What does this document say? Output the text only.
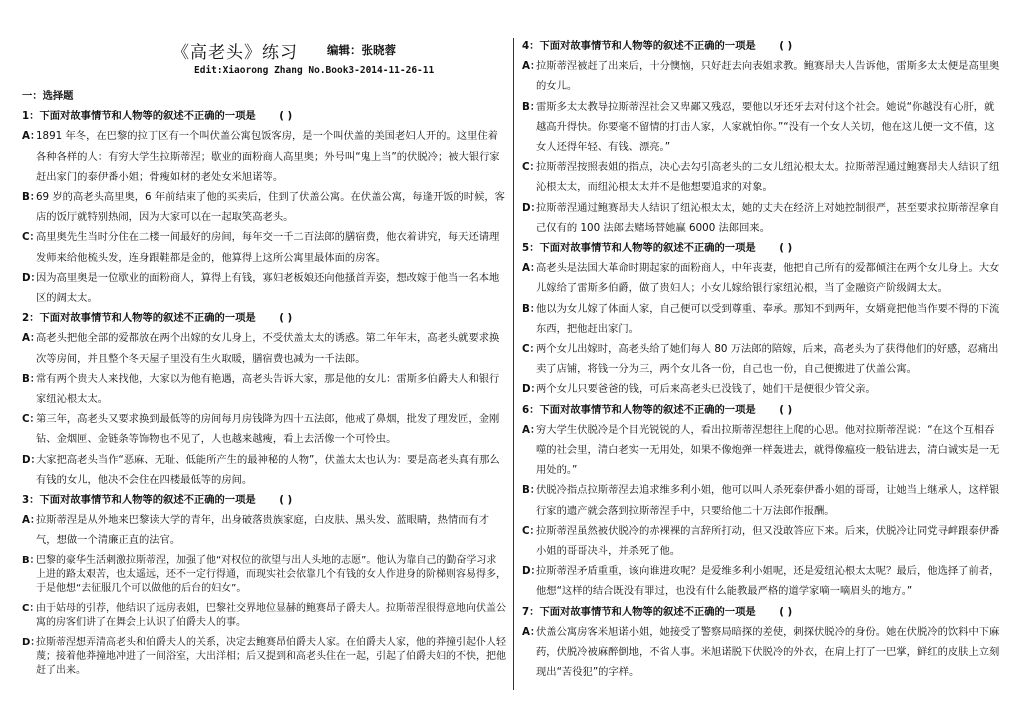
《高老头》练习	编辑：张晓蓉
Edit:Xiaorong Zhang No.Book3-2014-11-26-11
一：选择题
1：下面对故事情节和人物等的叙述不正确的一项是 ( )
A：1891 年冬，在巴黎的拉丁区有一个叫伏盖公寓包饭客房，是一个叫伏盖的美国老妇人开的。这里住着各种各样的人：有穷大学生拉斯蒂涅；歇业的面粉商人高里奥；外号叫“鬼上当”的伏脱冷；被大银行家赶出家门的泰伊番小姐；骨瘦如材的老处女米旭诺等。
B：69 岁的高老头高里奥，6 年前结束了他的买卖后，住到了伏盖公寓。在伏盖公寓，每逢开饭的时候，客店的饭厅就特别热闹，因为大家可以在一起取笑高老头。
C：高里奥先生当时分住在二楼一间最好的房间，每年交一千二百法郎的膳宿费，他衣着讲究，每天还请理发师来给他梳头发，连身跟鞋都是金的，他算得上这所公寓里最体面的房客。
D：因为高里奥是一位歇业的面粉商人，算得上有钱，寡妇老板娘还向他搔首弄姿，想改嫁于他当一名本地区的阔太太。
2：下面对故事情节和人物等的叙述不正确的一项是 ( )
A：高老头把他全部的爱都放在两个出嫁的女儿身上，不受伏盖太太的诱惑。第二年年末，高老头就要求换次等房间，并且整个冬天屋子里没有生火取暖，膳宿费也减为一千法郎。
B：常有两个贵夫人来找他，大家以为他有艳遇，高老头告诉大家，那是他的女儿：雷斯多伯爵夫人和银行家纽沁根太太。
C：第三年，高老头又要求换到最低等的房间每月房钱降为四十五法郎，他戒了鼻烟，批发了理发匠，金刚钻、金烟匣、金链条等饰物也不见了，人也越来越瘦，看上去活像一个可怜虫。
D：大家把高老头当作“恶麻、无耻、低能所产生的最神秘的人物”，伏盖太太也认为：要是高老头真有那么有钱的女儿，他决不会住在四楼最低等的房间。
3：下面对故事情节和人物等的叙述不正确的一项是 ( )
A：拉斯蒂涅是从外地来巴黎读大学的青年，出身破落贵族家庭，白皮肤、黑头发、蓝眼睛，热情而有才气，想做一个清廉正直的法官。
B：巴黎的豪华生活刺激拉斯蒂涅，加强了他“对权位的欲望与出人头地的志愿”。他认为靠自己的勤奋学习求上进的路太艰苦，也太遥远，还不一定行得通，而现实社会依靠几个有钱的女人作进身的阶梯则容易得多，于是他想“去征服几个可以做他的后台的妇女”。
C：由于姑母的引荐，他结识了远房表姐，巴黎社交界地位显赫的鲍赛昂子爵夫人。拉斯蒂涅很得意地向伏盖公寓的房客们讲了在舞会上认识了伯爵夫人的事。
D：拉斯蒂涅想弄清高老头和伯爵夫人的关系，决定去鲍赛昂伯爵夫人家。在伯爵夫人家，他的莽撞引起仆人轻蔑；接着他莽撞地冲进了一间浴室，大出洋相；后又提到和高老头住在一起，引起了伯爵夫妇的不快，把他赶了出来。
4：下面对故事情节和人物等的叙述不正确的一项是 ( )
A：拉斯蒂涅被赶了出来后，十分懊恼，只好赶去向表姐求教。鲍赛昂夫人告诉他，雷斯多太太便是高里奥的女儿。
B：雷斯多太太教导拉斯蒂涅社会又卑鄙又残忍，要他以牙还牙去对付这个社会。她说“你越没有心肝，就越高升得快。你要毫不留情的打击人家，人家就怕你。”“没有一个女人关切，他在这儿便一文不值，这女人还得年轻、有钱、漂亮。”
C：拉斯蒂涅按照表姐的指点，决心去勾引高老头的二女儿纽沁根太太。拉斯蒂涅通过鲍赛昂夫人结识了纽沁根太太，而纽沁根太太并不是他想要追求的对象。
D：拉斯蒂涅通过鲍赛昂夫人结识了纽沁根太太，她的丈夫在经济上对她控制很严，甚至要求拉斯蒂涅拿自己仅有的 100 法郎去赌场替她赢 6000 法郎回来。
5：下面对故事情节和人物等的叙述不正确的一项是 ( )
A：高老头是法国大革命时期起家的面粉商人，中年丧妻，他把自己所有的爱都倾注在两个女儿身上。大女儿嫁给了雷斯多伯爵，做了贵妇人；小女儿嫁给银行家纽沁根，当了金融资产阶级阔太太。
B：他以为女儿嫁了体面人家，自己便可以受到尊重、奉承。那知不到两年，女婿竟把他当作要不得的下流东西，把他赶出家门。
C：两个女儿出嫁时，高老头给了她们每人 80 万法郎的陪嫁，后来，高老头为了获得他们的好感，忍痛出卖了店铺，将钱一分为三，两个女儿各一份，自己也一份，自己便搬进了伏盖公寓。
D：两个女儿只要爸爸的钱，可后来高老头已没钱了，她们干是便很少管父亲。
6：下面对故事情节和人物等的叙述不正确的一项是 ( )
A：穷大学生伏脱冷是个目光锐锐的人，看出拉斯蒂涅想往上爬的心思。他对拉斯蒂涅说：“在这个互相吞噬的社会里，清白老实一无用处，如果不像炮弹一样轰进去，就得像瘟疫一般钻进去，清白诚实是一无用处的。”
B：伏脱冷指点拉斯蒂涅去追求维多利小姐，他可以叫人杀死泰伊番小姐的哥哥，让她当上继承人，这样银行家的遗产就会落到拉斯蒂涅手中，只要给他二十万法郎作报酬。
C：拉斯蒂涅虽然被伏脱冷的赤裸裸的言辞所打动，但又没敢答应下来。后来，伏脱冷让同党寻衅跟泰伊番小姐的哥哥决斗，并杀死了他。
D：拉斯蒂涅矛盾重重，该向谁进攻呢？是爱维多利小姐呢，还是爱纽沁根太太呢？最后，他选择了前者，他想“这样的结合既没有罪过，也没有什么能教最严格的道学家嘀一嘀眉头的地方。”
7：下面对故事情节和人物等的叙述不正确的一项是 ( )
A：伏盖公寓房客米旭诺小姐，她接受了警察局暗探的差使，刺探伏脱冷的身份。她在伏脱冷的饮料中下麻药，伏脱冷被麻醉倒地，不省人事。米旭诺脱下伏脱冷的外衣，在肩上打了一巴掌，鲜红的皮肤上立刻现出“苦役犯”的字样。
